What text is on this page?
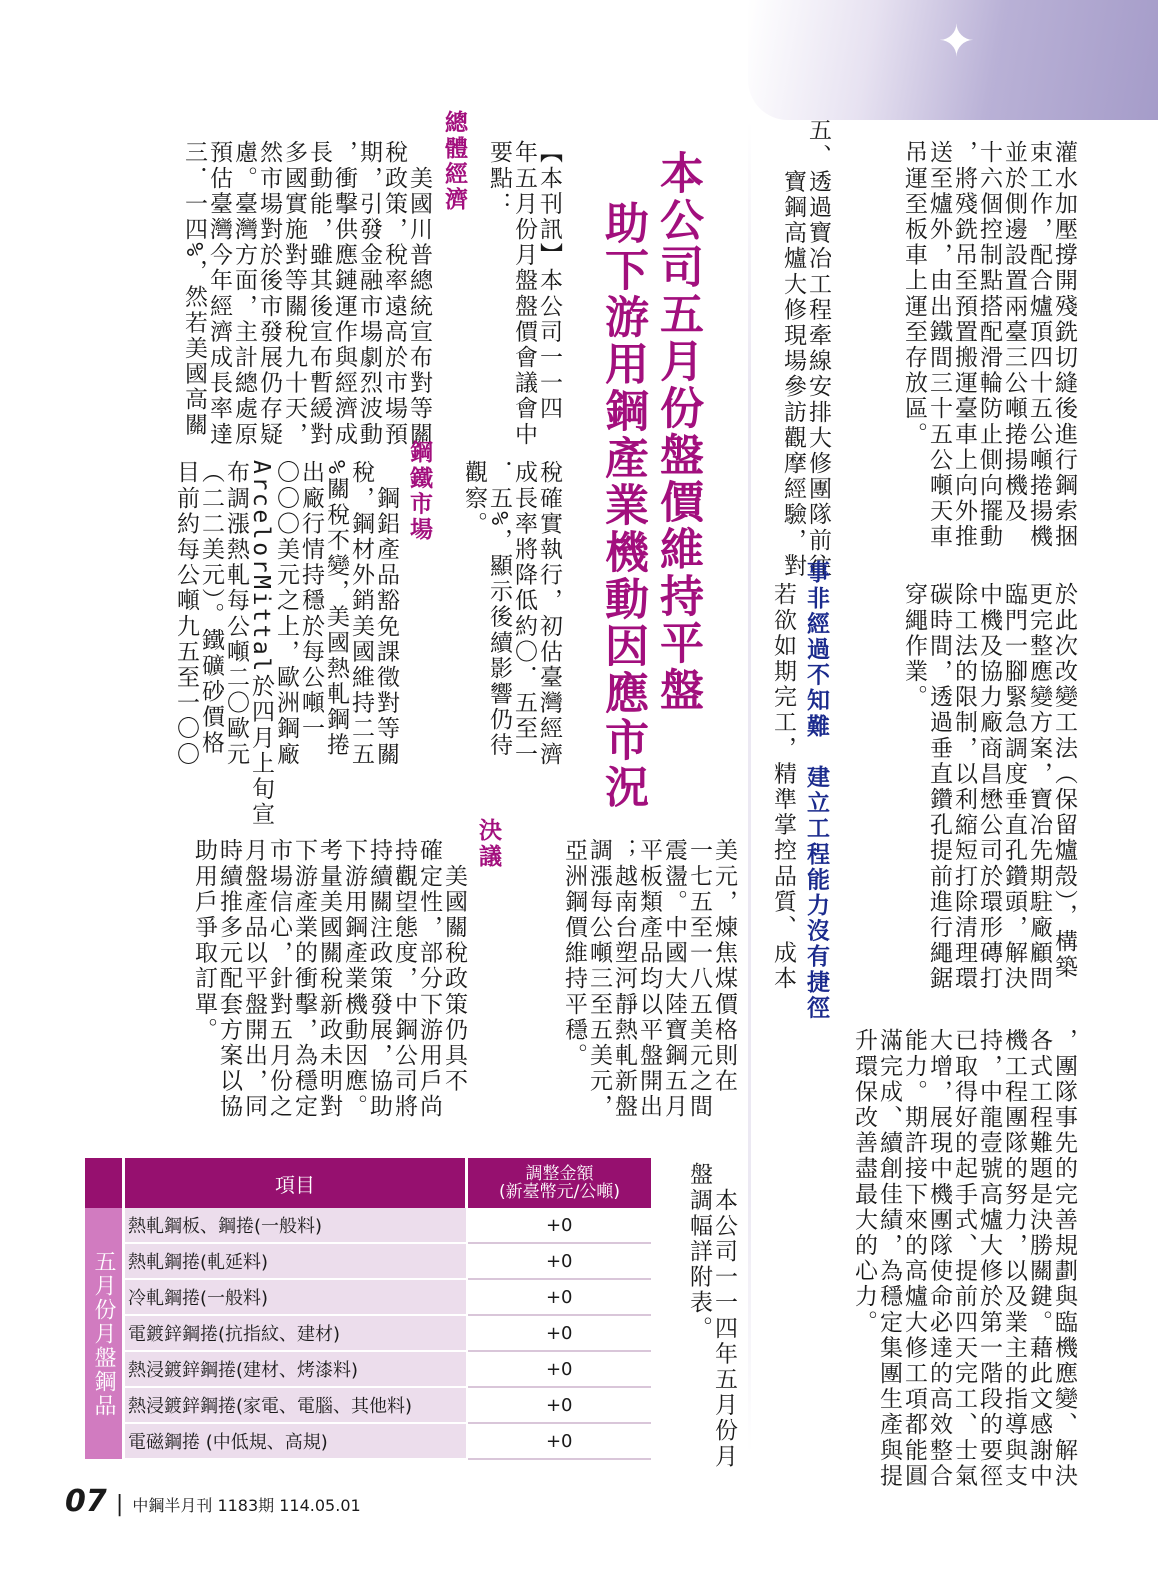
✦
灌水加壓撐開殘銑切縫後進行鋼索捆
束工作，配合爐頂四十五公噸捲揚機
並於側邊設置兩臺三公噸捲揚機及
十六個控制點搭配滑輪防止側向擺動
，將殘銑吊至預置搬運臺車上向外推
送至爐外，由出鐵間三十五公噸天車
吊運至板車上運至存放區。
五、透過寶冶工程牽線安排大修團隊前往
　　寶鋼高爐大修現場參訪觀摩經驗，對
於此次改變工法（保留爐殼），構築
更完整應變方案，寶冶先期駐廠顧問
臨門一腳緊急調度垂直孔鑽頭，解決
中機及協力廠商昌懋公司於環形磚打
除工法的限制，以利縮短打除清理環
碳時間，透過垂直鑽孔提前進行繩鋸
穿繩作業。
事非經過不知難　建立工程能力沒有捷徑
若欲如期完工，精準掌控品質、成本
，團隊事先的完善規劃與臨機應變、解決
各式工程難題是決勝關鍵。藉此文感謝中
機工程團隊的努力，以及業主的指導與支
持，中龍壹號高爐大修於第一階段的要徑
已取得好的起手式、提前四天完工、士氣
大增，展現中機團隊使命必達的高效整合
能力。期許接下來的高爐大修工項都能圓
滿完成、續創佳績，為穩定集團生產與提
升環保改善盡最大的心力。
本公司五月份盤價維持平盤
助下游用鋼產業機動因應市況
【本刊訊】本公司一一四
年五月份月盤盤價會議會中
要點：
總體經濟
　美國川普總統宣布對等關
稅政策，稅率遠高於市場預
期，引發金融市場劇烈波動
，衝擊供應鏈運作與經濟成
長動能，雖其後宣布暫緩對
多國實施對等關稅九十天，
然市場對於後市發展仍存疑
慮。臺灣方面，主計總處原
預估臺灣今年經濟成長率達
三．一四%，然若美國高關
稅確實執行，初估臺灣經濟
成長率將降低約〇．五至一
．五%，顯示後續影響仍待
觀察。
鋼鐵市場
　鋼鋁產品豁免課徵對等關
稅，鋼材外銷美國維持二五
%關稅不變，美國熱軋鋼捲
出廠行情持穩於每公噸一
〇〇〇美元之上，歐洲鋼廠
ArcelorMittal於四月上旬宣
布調漲熱軋每公噸二〇歐元
（二二美元）。鐵礦砂價格
目前約每公噸九五至一〇〇
美元，煉焦煤價格則在
一七五至一八五美元之間
震盪。中國大陸寶鋼五月
平板類產品均以平盤開出
；越南台塑河靜熱軋新盤
調漲每公噸三至五美元，
亞洲鋼價維持平穩。
決議
　美國關稅政策仍具不
確定性，部分下游用戶尚
持觀望態度，中鋼公司將
持續關注政策發展，協助
下游用鋼產業機動因應。
考量美國關稅新政未明對
下游產業的衝擊，為穩定
市場信心，針對五月份之
月盤產品以平盤開出，同
時續推多元配套方案以協
助用戶爭取訂單。
　本公司一一四年五月份月
盤調幅詳附表。
	項目	調整金額
(新臺幣元/公噸)

五月份月盤鋼品	熱軋鋼板、鋼捲(一般料)	+0
	熱軋鋼捲(軋延料)	+0
	冷軋鋼捲(一般料)	+0
	電鍍鋅鋼捲(抗指紋、建材)	+0
	熱浸鍍鋅鋼捲(建材、烤漆料)	+0
	熱浸鍍鋅鋼捲(家電、電腦、其他料)	+0
	電磁鋼捲 (中低規、高規)	+0
07 | 中鋼半月刊 1183期 114.05.01
